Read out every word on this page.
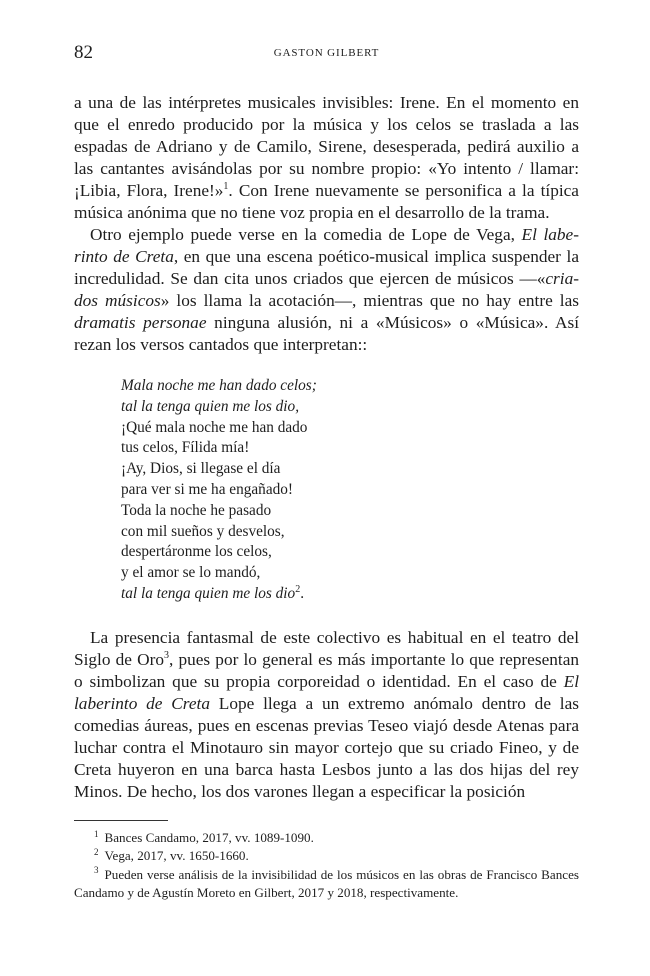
82	GASTON GILBERT

a una de las intérpretes musicales invisibles: Irene. En el momento en que el enredo producido por la música y los celos se traslada a las espadas de Adriano y de Camilo, Sirene, desesperada, pedirá auxilio a las cantantes avisándolas por su nombre propio: «Yo intento / llamar: ¡Libia, Flora, Irene!»$^1$. Con Irene nuevamente se personifica a la típica música anónima que no tiene voz propia en el desarrollo de la trama.

Otro ejemplo puede verse en la comedia de Lope de Vega, El laberinto de Creta, en que una escena poético-musical implica suspender la incredulidad. Se dan cita unos criados que ejercen de músicos —«criados músicos» los llama la acotación—, mientras que no hay entre las dramatis personae ninguna alusión, ni a «Músicos» o «Música». Así rezan los versos cantados que interpretan::

Mala noche me han dado celos;
tal la tenga quien me los dio,
¡Qué mala noche me han dado
tus celos, Fílida mía!
¡Ay, Dios, si llegase el día
para ver si me ha engañado!
Toda la noche he pasado
con mil sueños y desvelos,
despertáronme los celos,
y el amor se lo mandó,
tal la tenga quien me los dio$^2$.

La presencia fantasmal de este colectivo es habitual en el teatro del Siglo de Oro$^3$, pues por lo general es más importante lo que representan o simbolizan que su propia corporeidad o identidad. En el caso de El laberinto de Creta Lope llega a un extremo anómalo dentro de las comedias áureas, pues en escenas previas Teseo viajó desde Atenas para luchar contra el Minotauro sin mayor cortejo que su criado Fineo, y de Creta huyeron en una barca hasta Lesbos junto a las dos hijas del rey Minos. De hecho, los dos varones llegan a especificar la posición

$^1$ Bances Candamo, 2017, vv. 1089-1090.

$^2$ Vega, 2017, vv. 1650-1660.

$^3$ Pueden verse análisis de la invisibilidad de los músicos en las obras de Francisco Bances Candamo y de Agustín Moreto en Gilbert, 2017 y 2018, respectivamente.
